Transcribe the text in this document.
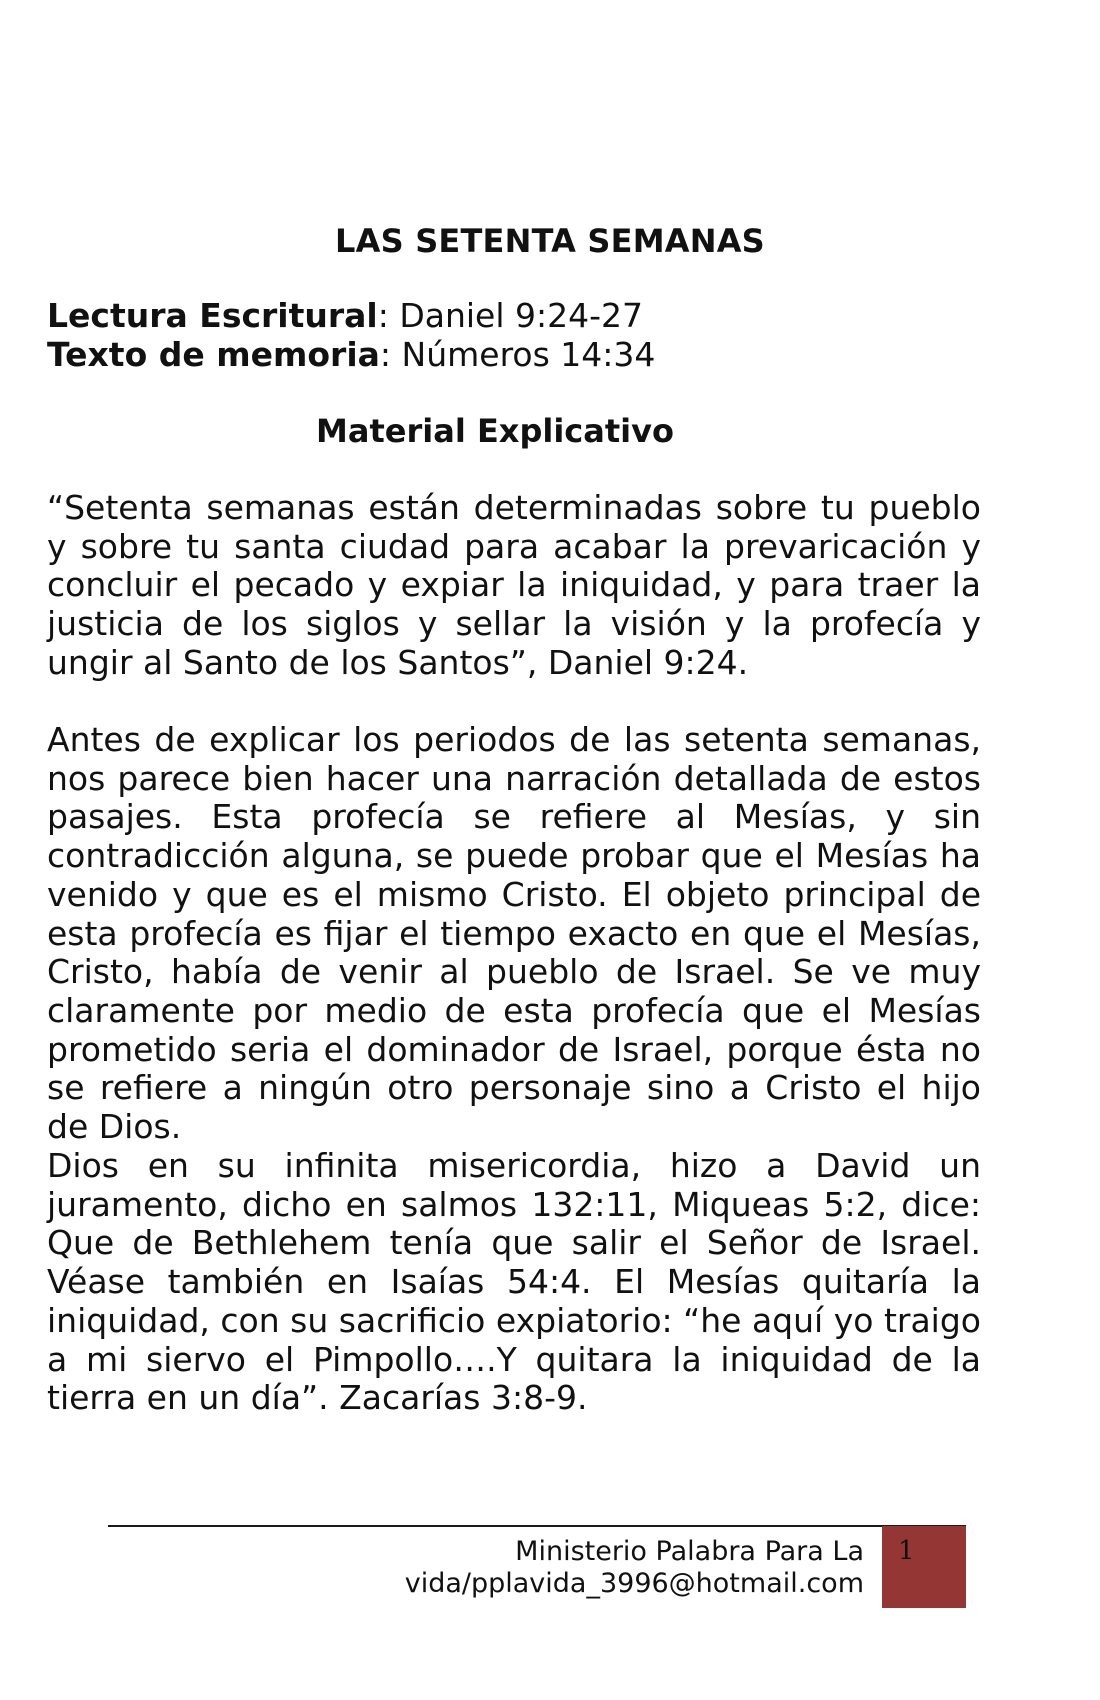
LAS SETENTA SEMANAS
Lectura Escritural: Daniel 9:24-27
Texto de memoria: Números 14:34
Material Explicativo

“Setenta semanas están determinadas sobre tu pueblo y sobre tu santa ciudad para acabar la prevaricación y concluir el pecado y expiar la iniquidad, y para traer la justicia de los siglos y sellar la visión y la profecía y ungir al Santo de los Santos”, Daniel 9:24.

Antes de explicar los periodos de las setenta semanas, nos parece bien hacer una narración detallada de estos pasajes. Esta profecía se refiere al Mesías, y sin contradicción alguna, se puede probar que el Mesías ha venido y que es el mismo Cristo. El objeto principal de esta profecía es fijar el tiempo exacto en que el Mesías, Cristo, había de venir al pueblo de Israel. Se ve muy claramente por medio de esta profecía que el Mesías prometido seria el dominador de Israel, porque ésta no se refiere a ningún otro personaje sino a Cristo el hijo de Dios.

Dios en su infinita misericordia, hizo a David un juramento, dicho en salmos 132:11, Miqueas 5:2, dice: Que de Bethlehem tenía que salir el Señor de Israel. Véase también en Isaías 54:4. El Mesías quitaría la iniquidad, con su sacrificio expiatorio: “he aquí yo traigo a mi siervo el Pimpollo….Y quitara la iniquidad de la tierra en un día”. Zacarías 3:8-9.

Ministerio Palabra Para La
vida/pplavida_3996@hotmail.com
1
